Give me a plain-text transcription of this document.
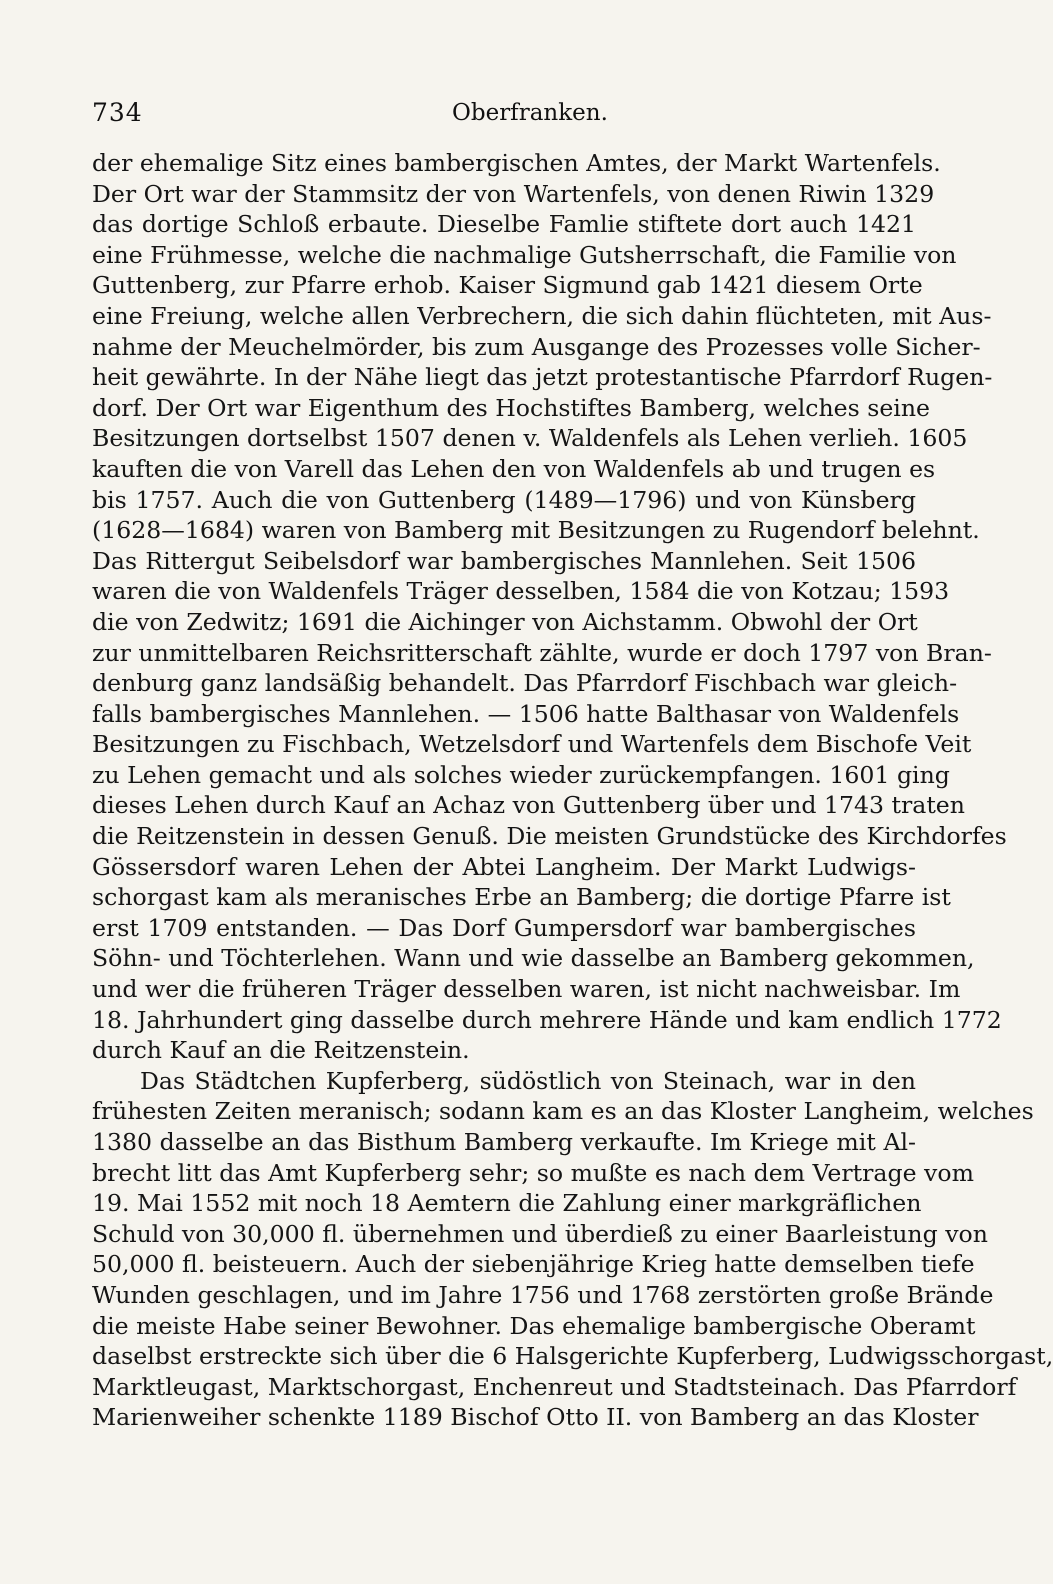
734	Oberfranken.
der ehemalige Sitz eines bambergischen Amtes, der Markt Wartenfels.
Der Ort war der Stammsitz der von Wartenfels, von denen Riwin 1329
das dortige Schloß erbaute. Dieselbe Famlie stiftete dort auch 1421
eine Frühmesse, welche die nachmalige Gutsherrschaft, die Familie von
Guttenberg, zur Pfarre erhob. Kaiser Sigmund gab 1421 diesem Orte
eine Freiung, welche allen Verbrechern, die sich dahin flüchteten, mit Aus-
nahme der Meuchelmörder, bis zum Ausgange des Prozesses volle Sicher-
heit gewährte. In der Nähe liegt das jetzt protestantische Pfarrdorf Rugen-
dorf. Der Ort war Eigenthum des Hochstiftes Bamberg, welches seine
Besitzungen dortselbst 1507 denen v. Waldenfels als Lehen verlieh. 1605
kauften die von Varell das Lehen den von Waldenfels ab und trugen es
bis 1757. Auch die von Guttenberg (1489—1796) und von Künsberg
(1628—1684) waren von Bamberg mit Besitzungen zu Rugendorf belehnt.
Das Rittergut Seibelsdorf war bambergisches Mannlehen. Seit 1506
waren die von Waldenfels Träger desselben, 1584 die von Kotzau; 1593
die von Zedwitz; 1691 die Aichinger von Aichstamm. Obwohl der Ort
zur unmittelbaren Reichsritterschaft zählte, wurde er doch 1797 von Bran-
denburg ganz landsäßig behandelt. Das Pfarrdorf Fischbach war gleich-
falls bambergisches Mannlehen. — 1506 hatte Balthasar von Waldenfels
Besitzungen zu Fischbach, Wetzelsdorf und Wartenfels dem Bischofe Veit
zu Lehen gemacht und als solches wieder zurückempfangen. 1601 ging
dieses Lehen durch Kauf an Achaz von Guttenberg über und 1743 traten
die Reitzenstein in dessen Genuß. Die meisten Grundstücke des Kirchdorfes
Gössersdorf waren Lehen der Abtei Langheim. Der Markt Ludwigs-
schorgast kam als meranisches Erbe an Bamberg; die dortige Pfarre ist
erst 1709 entstanden. — Das Dorf Gumpersdorf war bambergisches
Söhn- und Töchterlehen. Wann und wie dasselbe an Bamberg gekommen,
und wer die früheren Träger desselben waren, ist nicht nachweisbar. Im
18. Jahrhundert ging dasselbe durch mehrere Hände und kam endlich 1772
durch Kauf an die Reitzenstein.
Das Städtchen Kupferberg, südöstlich von Steinach, war in den
frühesten Zeiten meranisch; sodann kam es an das Kloster Langheim, welches
1380 dasselbe an das Bisthum Bamberg verkaufte. Im Kriege mit Al-
brecht litt das Amt Kupferberg sehr; so mußte es nach dem Vertrage vom
19. Mai 1552 mit noch 18 Aemtern die Zahlung einer markgräflichen
Schuld von 30,000 fl. übernehmen und überdieß zu einer Baarleistung von
50,000 fl. beisteuern. Auch der siebenjährige Krieg hatte demselben tiefe
Wunden geschlagen, und im Jahre 1756 und 1768 zerstörten große Brände
die meiste Habe seiner Bewohner. Das ehemalige bambergische Oberamt
daselbst erstreckte sich über die 6 Halsgerichte Kupferberg, Ludwigsschorgast,
Marktleugast, Marktschorgast, Enchenreut und Stadtsteinach. Das Pfarrdorf
Marienweiher schenkte 1189 Bischof Otto II. von Bamberg an das Kloster
